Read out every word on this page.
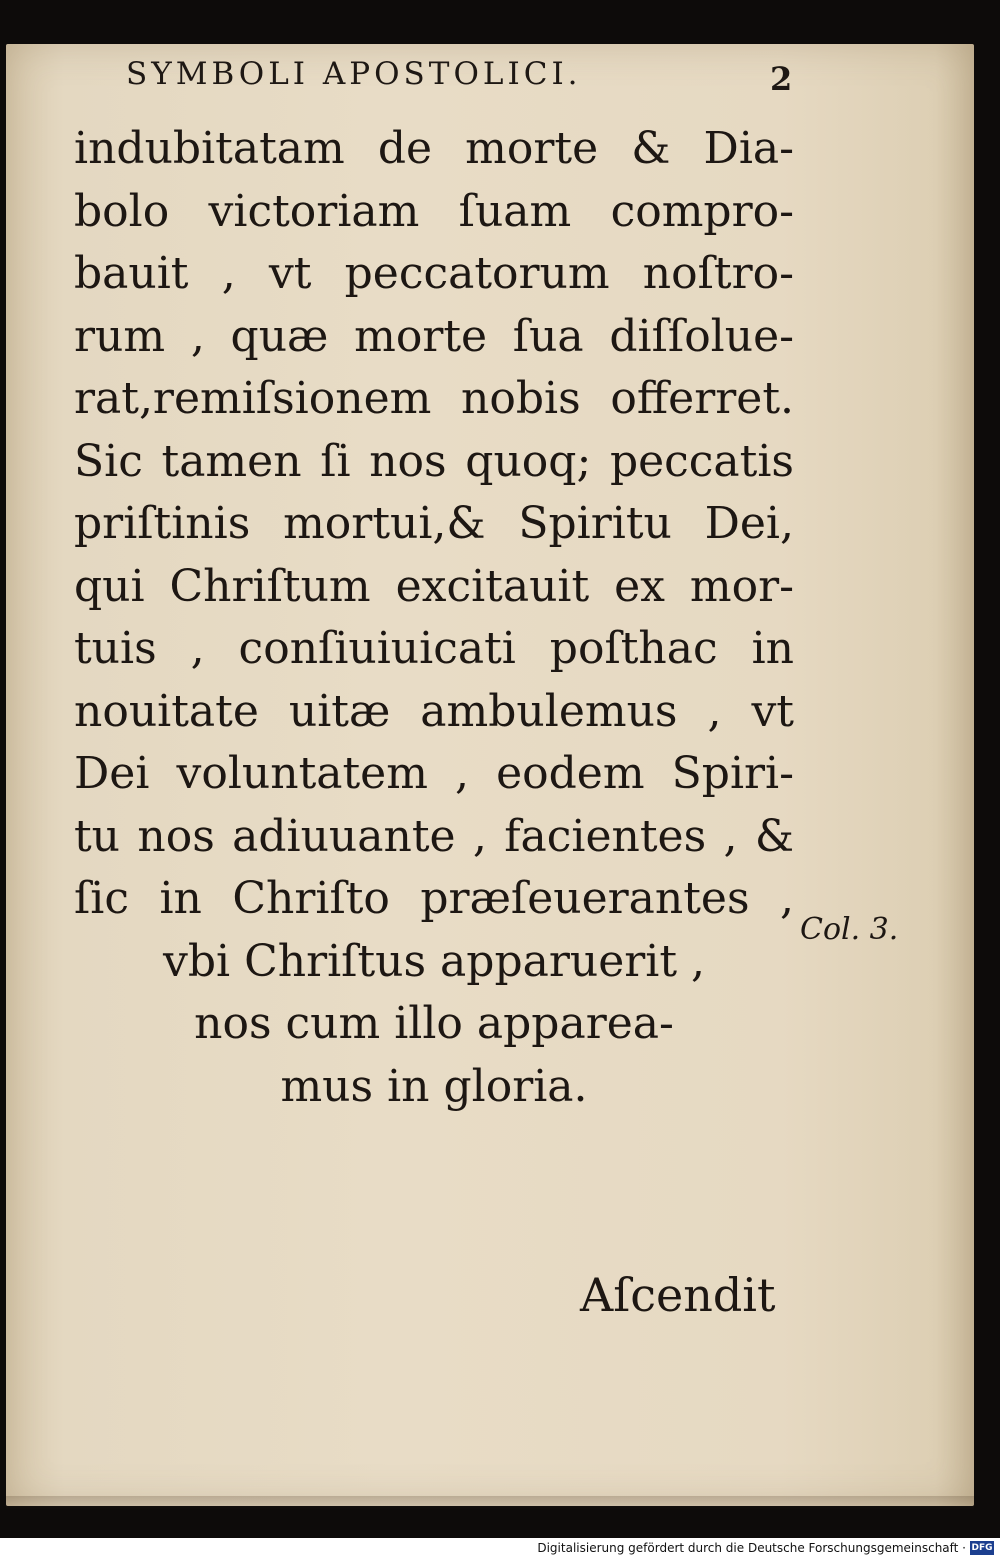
SYMBOLI APOSTOLICI.	2
indubitatam de morte & Dia-
bolo victoriam ſuam compro-
bauit , vt peccatorum noſtro-
rum , quæ morte ſua diſſolue-
rat,remiſsionem nobis offerret.
Sic tamen ſi nos quoq; peccatis
priſtinis mortui,& Spiritu Dei,
qui Chriſtum excitauit ex mor-
tuis , conſiuiuicati poſthac in
nouitate uitæ ambulemus , vt
Dei voluntatem , eodem Spiri-
tu nos adiuuante , facientes , &
ſic in Chriſto præſeuerantes ,
vbi Chriſtus apparuerit ,
nos cum illo apparea-
mus in gloria.
Col. 3.
Aſcendit
Digitalisierung gefördert durch die Deutsche Forschungsgemeinschaft · DFG
